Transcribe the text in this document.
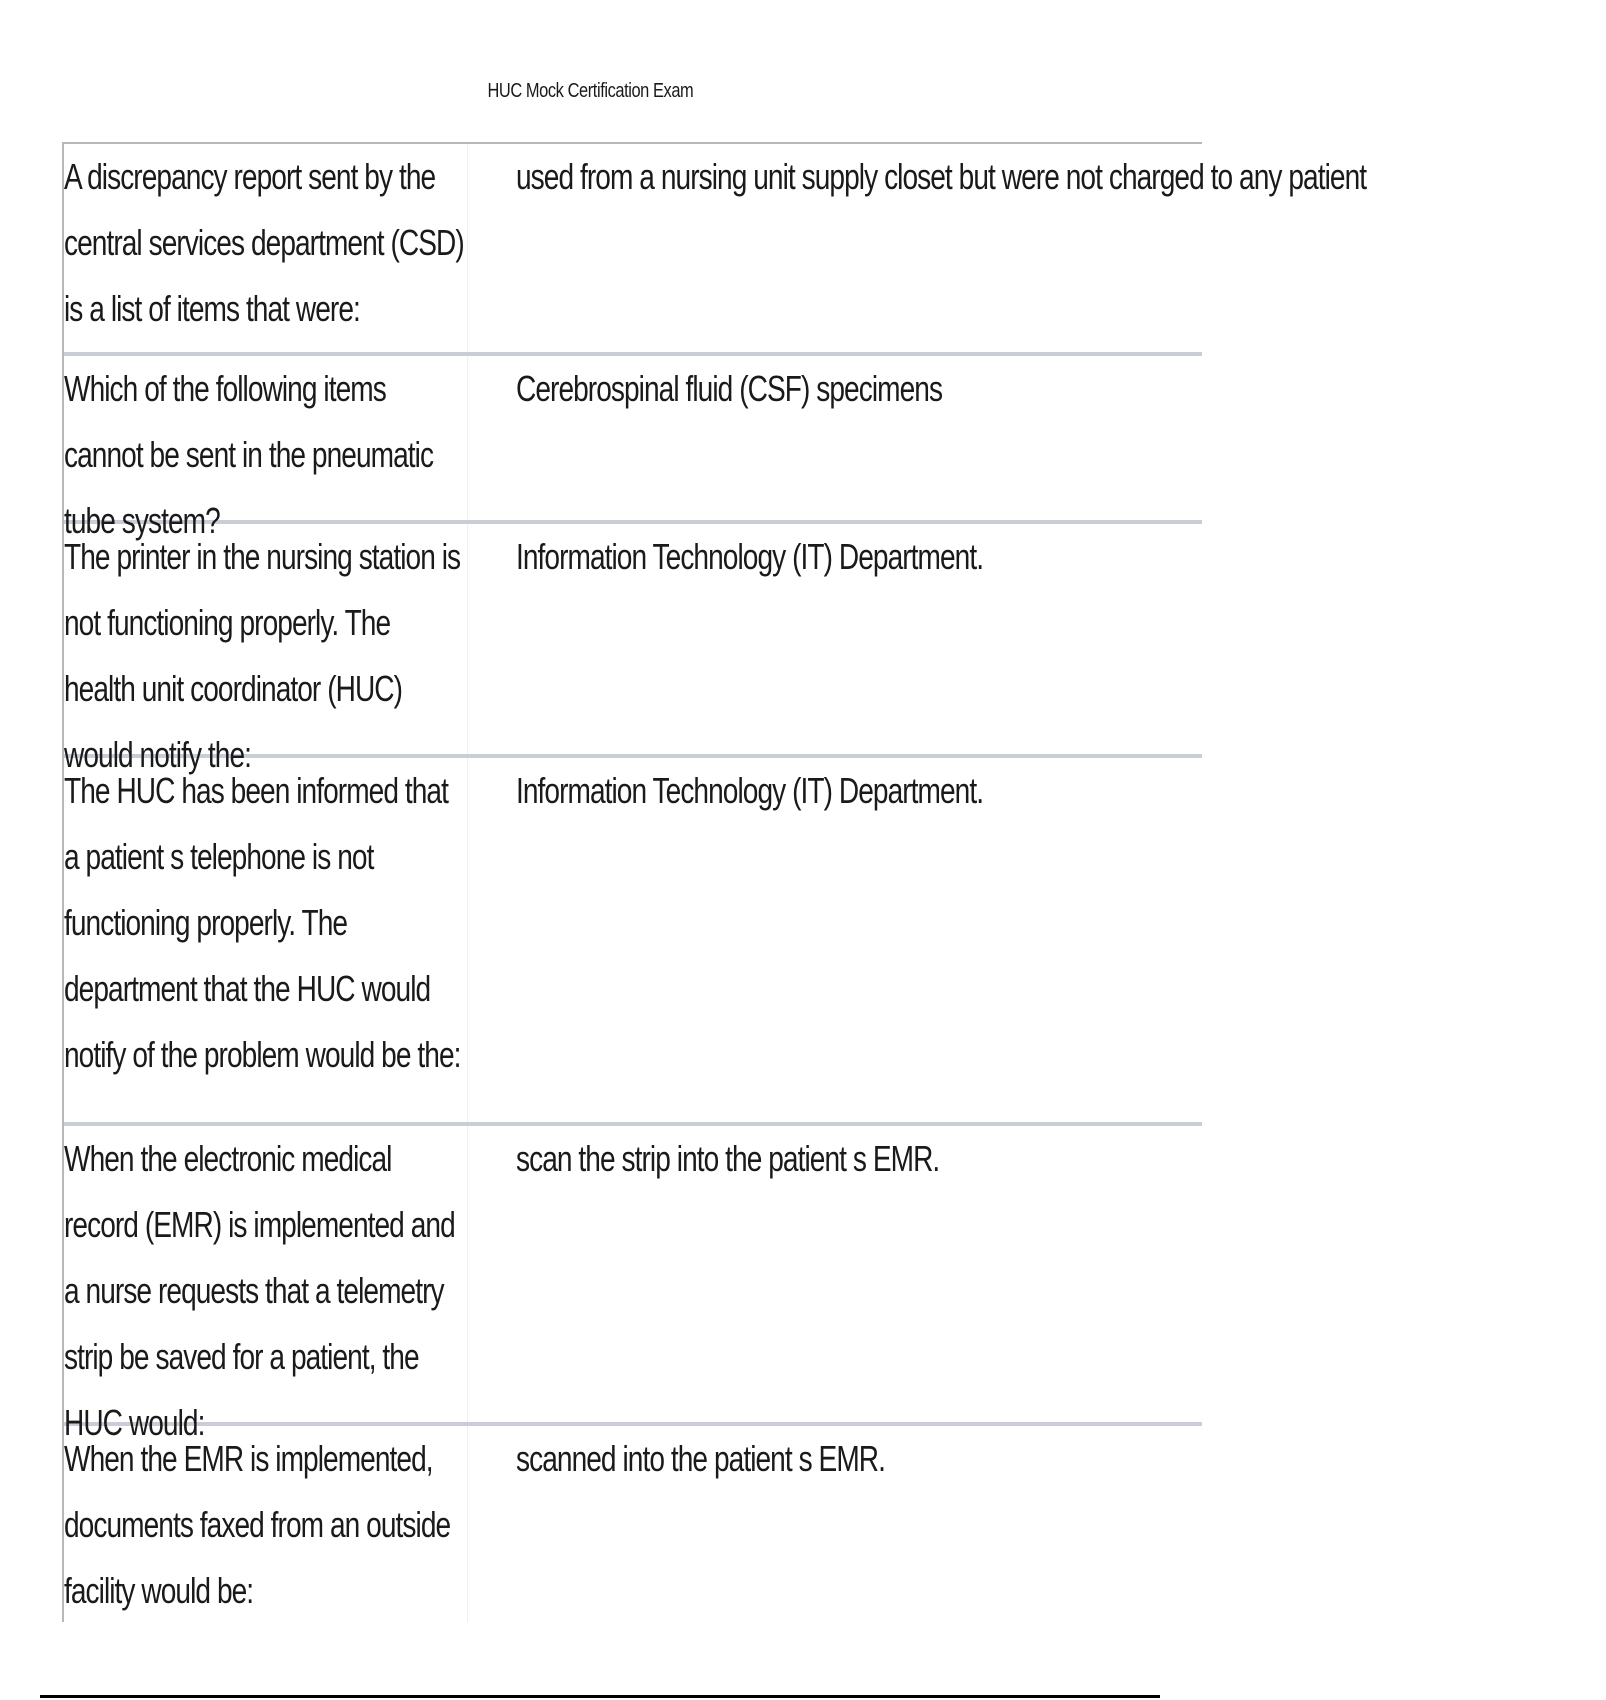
HUC Mock Certification Exam
A discrepancy report sent by the central services department (CSD) is a list of items that were:
used from a nursing unit supply closet but were not charged to any patient
Which of the following items cannot be sent in the pneumatic tube system?
Cerebrospinal fluid (CSF) specimens
The printer in the nursing station is not functioning properly. The health unit coordinator (HUC) would notify the:
Information Technology (IT) Department.
The HUC has been informed that a patient s telephone is not functioning properly. The department that the HUC would notify of the problem would be the:
Information Technology (IT) Department.
When the electronic medical record (EMR) is implemented and a nurse requests that a telemetry strip be saved for a patient, the HUC would:
scan the strip into the patient s EMR.
When the EMR is implemented, documents faxed from an outside facility would be:
scanned into the patient s EMR.
